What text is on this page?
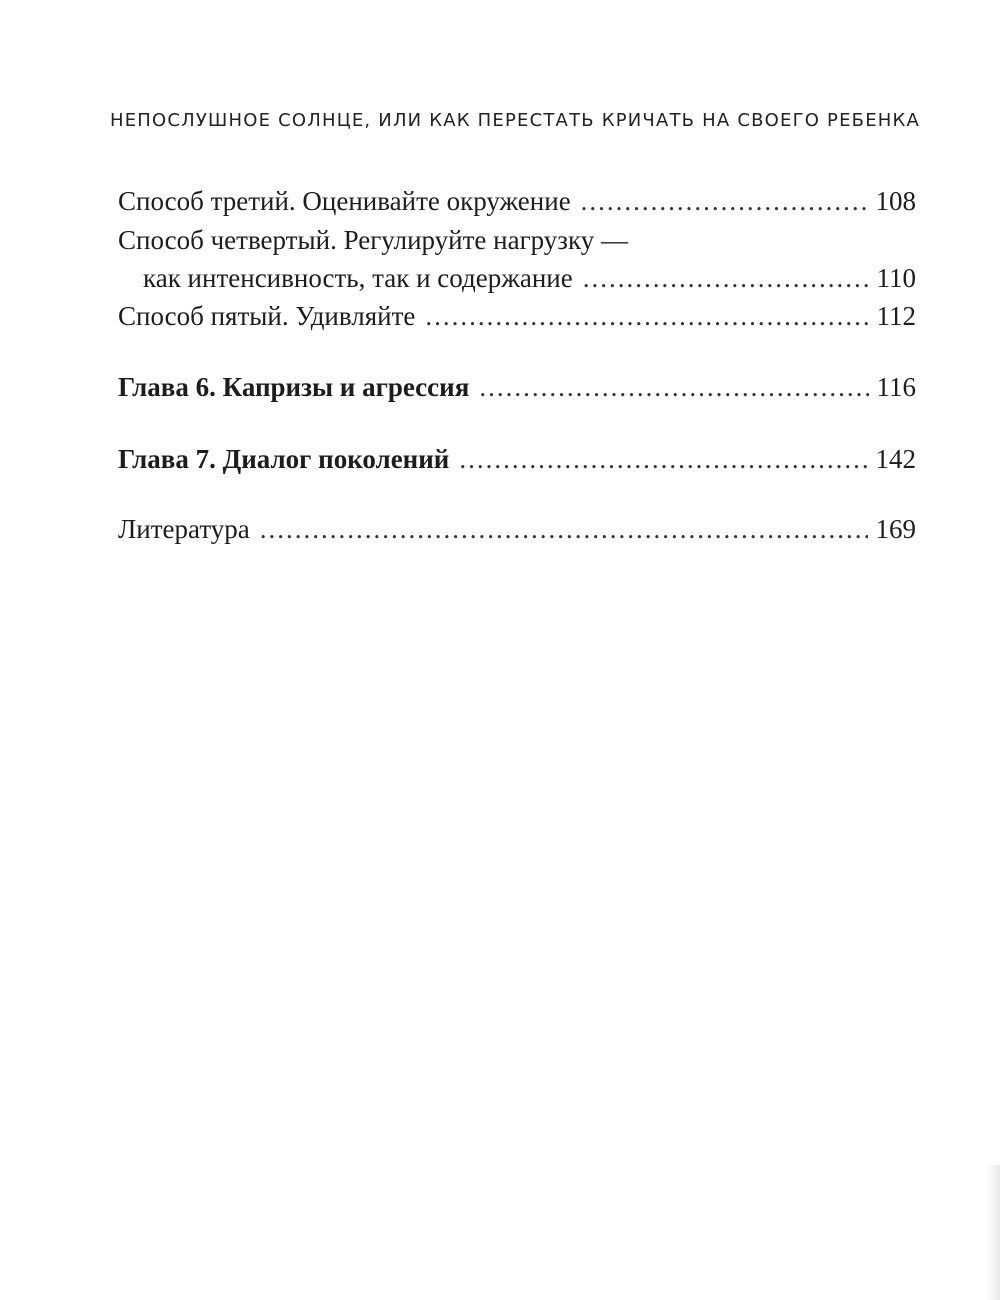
НЕПОСЛУШНОЕ СОЛНЦЕ, ИЛИ КАК ПЕРЕСТАТЬ КРИЧАТЬ НА СВОЕГО РЕБЕНКА
Способ третий. Оценивайте окружение .....	108
Способ четвертый. Регулируйте нагрузку —
как интенсивность, так и содержание .....	110
Способ пятый. Удивляйте .....	112
Глава 6. Капризы и агрессия .....	116
Глава 7. Диалог поколений .....	142
Литература .....	169
